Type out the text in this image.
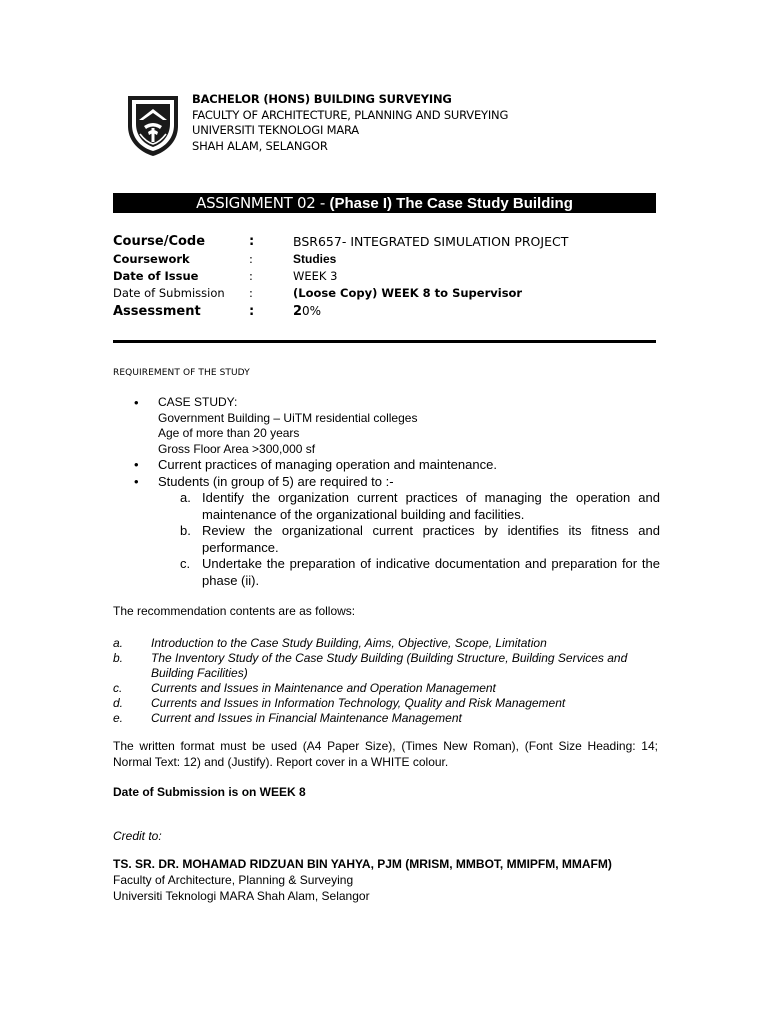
BACHELOR (HONS) BUILDING SURVEYING
FACULTY OF ARCHITECTURE, PLANNING AND SURVEYING
UNIVERSITI TEKNOLOGI MARA
SHAH ALAM, SELANGOR
ASSIGNMENT 02 - (Phase I) The Case Study Building
Course/Code	:	BSR657- INTEGRATED SIMULATION PROJECT
Coursework	:	Studies
Date of Issue	:	WEEK 3
Date of Submission :	(Loose Copy) WEEK 8 to Supervisor
Assessment	:	20%
REQUIREMENT OF THE STUDY
• CASE STUDY:
Government Building – UiTM residential colleges
Age of more than 20 years
Gross Floor Area >300,000 sf
• Current practices of managing operation and maintenance.
• Students (in group of 5) are required to :-
a. Identify the organization current practices of managing the operation and maintenance of the organizational building and facilities.
b. Review the organizational current practices by identifies its fitness and performance.
c. Undertake the preparation of indicative documentation and preparation for the phase (ii).
The recommendation contents are as follows:
a. Introduction to the Case Study Building, Aims, Objective, Scope, Limitation
b. The Inventory Study of the Case Study Building (Building Structure, Building Services and Building Facilities)
c. Currents and Issues in Maintenance and Operation Management
d. Currents and Issues in Information Technology, Quality and Risk Management
e. Current and Issues in Financial Maintenance Management
The written format must be used (A4 Paper Size), (Times New Roman), (Font Size Heading: 14; Normal Text: 12) and (Justify). Report cover in a WHITE colour.
Date of Submission is on WEEK 8
Credit to:
TS. SR. DR. MOHAMAD RIDZUAN BIN YAHYA, PJM (MRISM, MMBOT, MMIPFM, MMAFM)
Faculty of Architecture, Planning & Surveying
Universiti Teknologi MARA Shah Alam, Selangor
